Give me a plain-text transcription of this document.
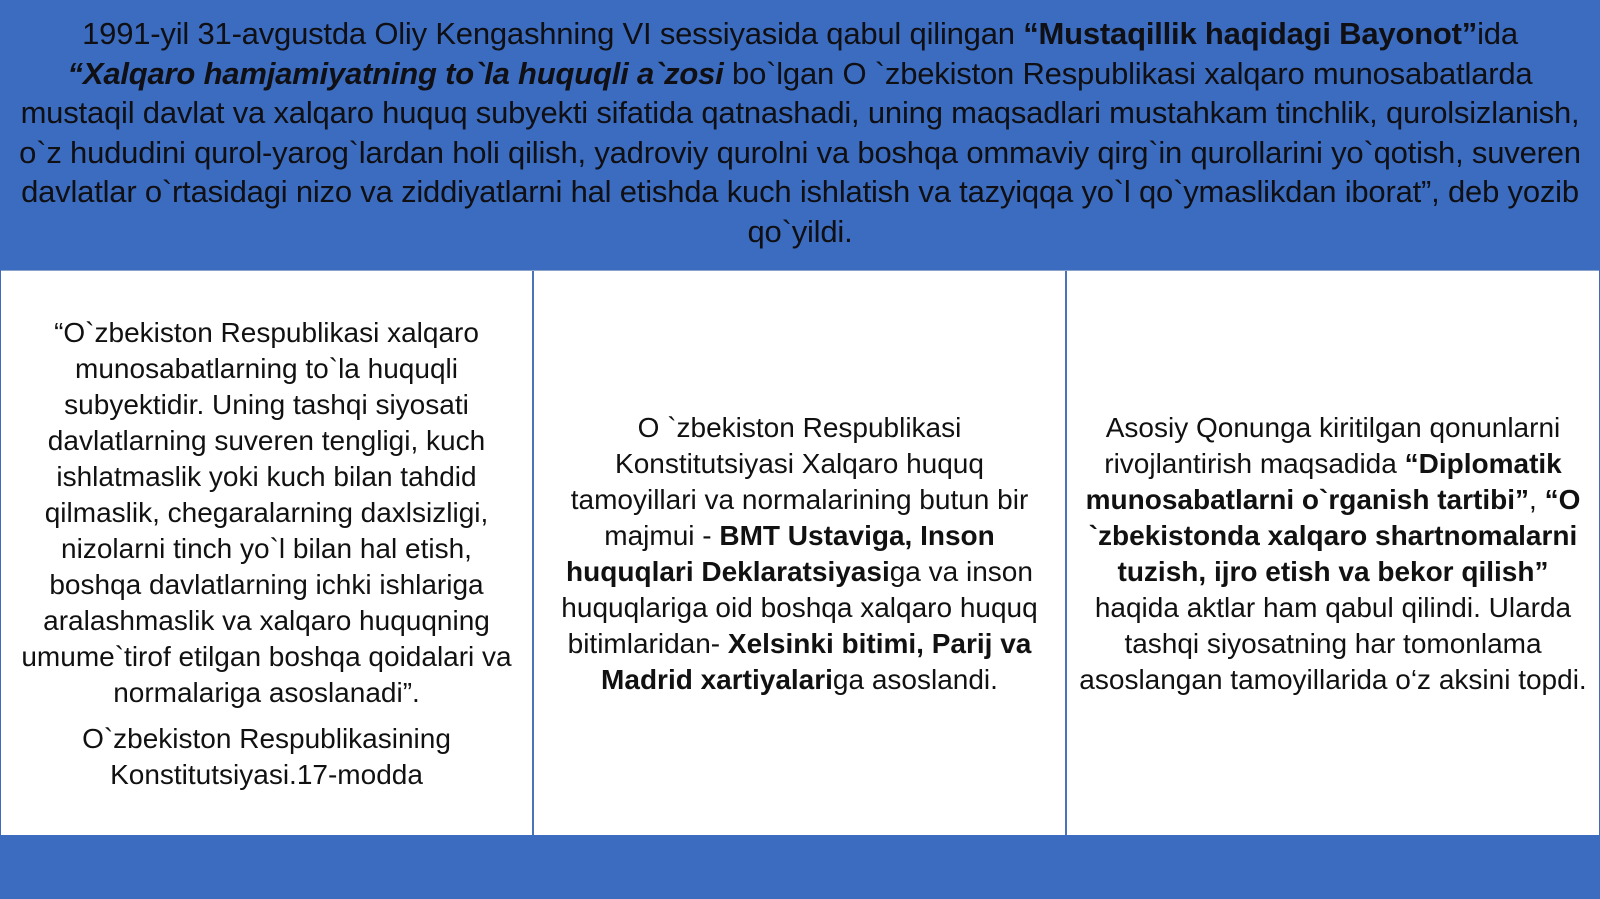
1991-yil 31-avgustda Oliy Kengashning VI sessiyasida qabul qilingan “Mustaqillik haqidagi Bayonot”ida “Xalqaro hamjamiyatning to`la huquqli a`zosi bo`lgan O `zbekiston Respublikasi xalqaro munosabatlarda mustaqil davlat va xalqaro huquq subyekti sifatida qatnashadi, uning maqsadlari mustahkam tinchlik, qurolsizlanish, o`z hududini qurol-yarog`lardan holi qilish, yadroviy qurolni va boshqa ommaviy qirg`in qurollarini yo`qotish, suveren davlatlar o`rtasidagi nizo va ziddiyatlarni hal etishda kuch ishlatish va tazyiqqa yo`l qo`ymaslikdan iborat”, deb yozib qo`yildi.

“O`zbekiston Respublikasi xalqaro munosabatlarning to`la huquqli subyektidir. Uning tashqi siyosati davlatlarning suveren tengligi, kuch ishlatmaslik yoki kuch bilan tahdid qilmaslik, chegaralarning daxlsizligi, nizolarni tinch yo`l bilan hal etish, boshqa davlatlarning ichki ishlariga aralashmaslik va xalqaro huquqning umume`tirof etilgan boshqa qoidalari va normalariga asoslanadi”.

O`zbekiston Respublikasining Konstitutsiyasi.17-modda

O `zbekiston Respublikasi Konstitutsiyasi Xalqaro huquq tamoyillari va normalarining butun bir majmui - BMT Ustaviga, Inson huquqlari Deklaratsiyasiga va inson huquqlariga oid boshqa xalqaro huquq bitimlaridan- Xelsinki bitimi, Parij va Madrid xartiyalariga asoslandi.

Asosiy Qonunga kiritilgan qonunlarni rivojlantirish maqsadida “Diplomatik munosabatlarni o`rganish tartibi”, “O `zbekistonda xalqaro shartnomalarni tuzish, ijro etish va bekor qilish” haqida aktlar ham qabul qilindi. Ularda tashqi siyosatning har tomonlama asoslangan tamoyillarida o‘z aksini topdi.
